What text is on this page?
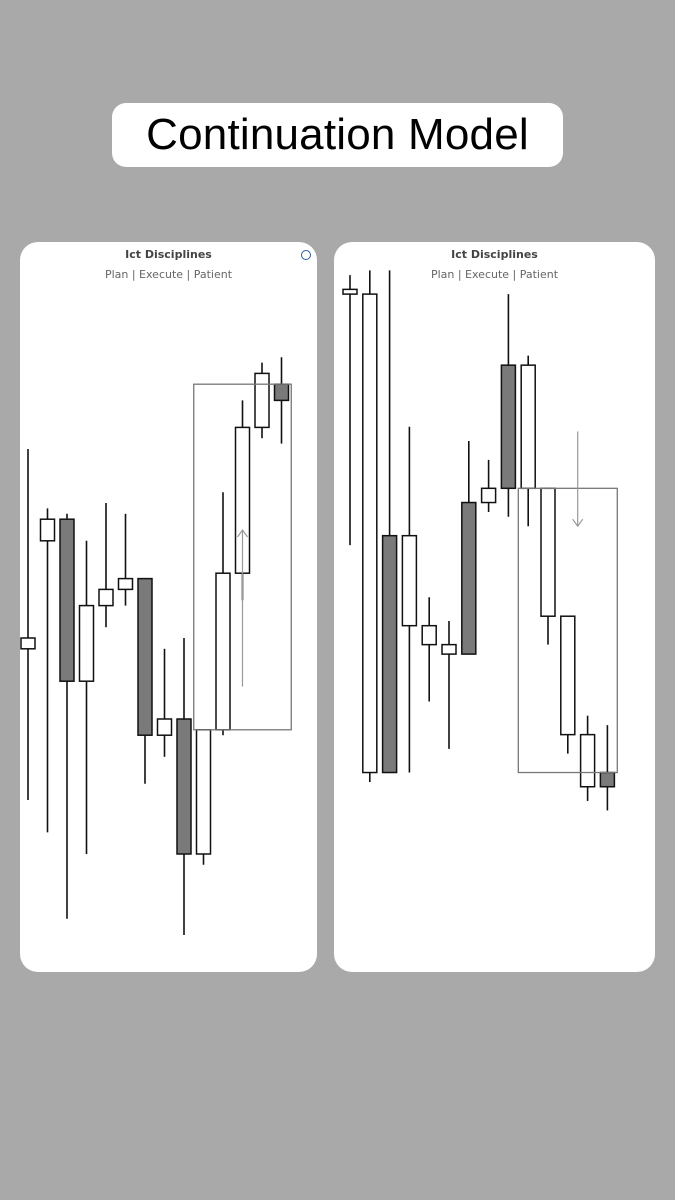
Continuation Model
Ict Disciplines
Plan | Execute | Patient
Ict Disciplines
Plan | Execute | Patient
